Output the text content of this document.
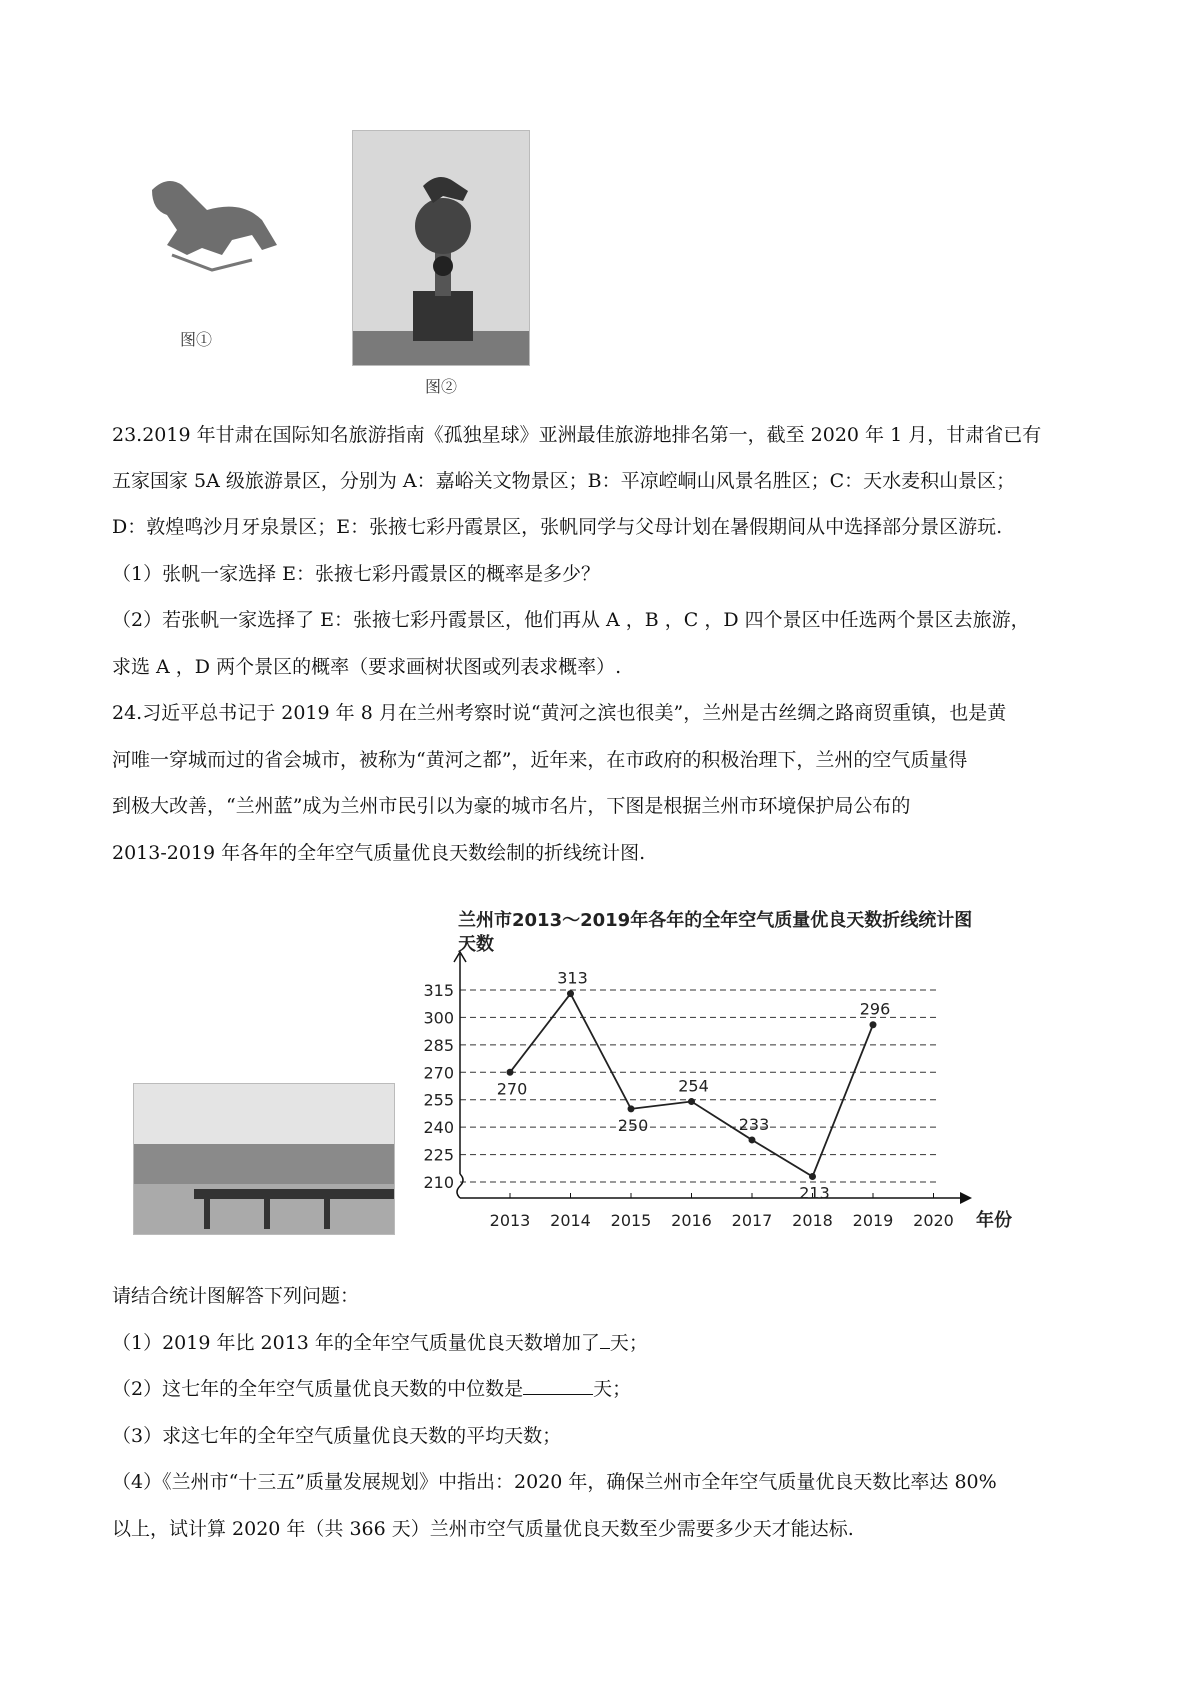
图①
图②
23.2019 年甘肃在国际知名旅游指南《孤独星球》亚洲最佳旅游地排名第一，截至 2020 年 1 月，甘肃省已有
五家国家 5A 级旅游景区，分别为 A：嘉峪关文物景区；B：平凉崆峒山风景名胜区；C：天水麦积山景区；
D：敦煌鸣沙月牙泉景区；E：张掖七彩丹霞景区，张帆同学与父母计划在暑假期间从中选择部分景区游玩.
（1）张帆一家选择 E：张掖七彩丹霞景区的概率是多少？
（2）若张帆一家选择了 E：张掖七彩丹霞景区，他们再从 A ，B ，C ，D 四个景区中任选两个景区去旅游，
求选 A ，D 两个景区的概率（要求画树状图或列表求概率）.
24.习近平总书记于 2019 年 8 月在兰州考察时说“黄河之滨也很美”，兰州是古丝绸之路商贸重镇，也是黄
河唯一穿城而过的省会城市，被称为“黄河之都”，近年来，在市政府的积极治理下，兰州的空气质量得
到极大改善，“兰州蓝”成为兰州市民引以为豪的城市名片，下图是根据兰州市环境保护局公布的
2013-2019 年各年的全年空气质量优良天数绘制的折线统计图.
兰州市2013～2019年各年的全年空气质量优良天数折线统计图
天数
210
225
240
255
270
285
300
315
2013 2014 2015 2016 2017 2018 2019 2020 年份
270
313
250
254
233
213
296
请结合统计图解答下列问题：
（1）2019 年比 2013 年的全年空气质量优良天数增加了 天；
（2）这七年的全年空气质量优良天数的中位数是	天；
（3）求这七年的全年空气质量优良天数的平均天数；
（4）《兰州市“十三五”质量发展规划》中指出：2020 年，确保兰州市全年空气质量优良天数比率达 80%
以上，试计算 2020 年（共 366 天）兰州市空气质量优良天数至少需要多少天才能达标.
